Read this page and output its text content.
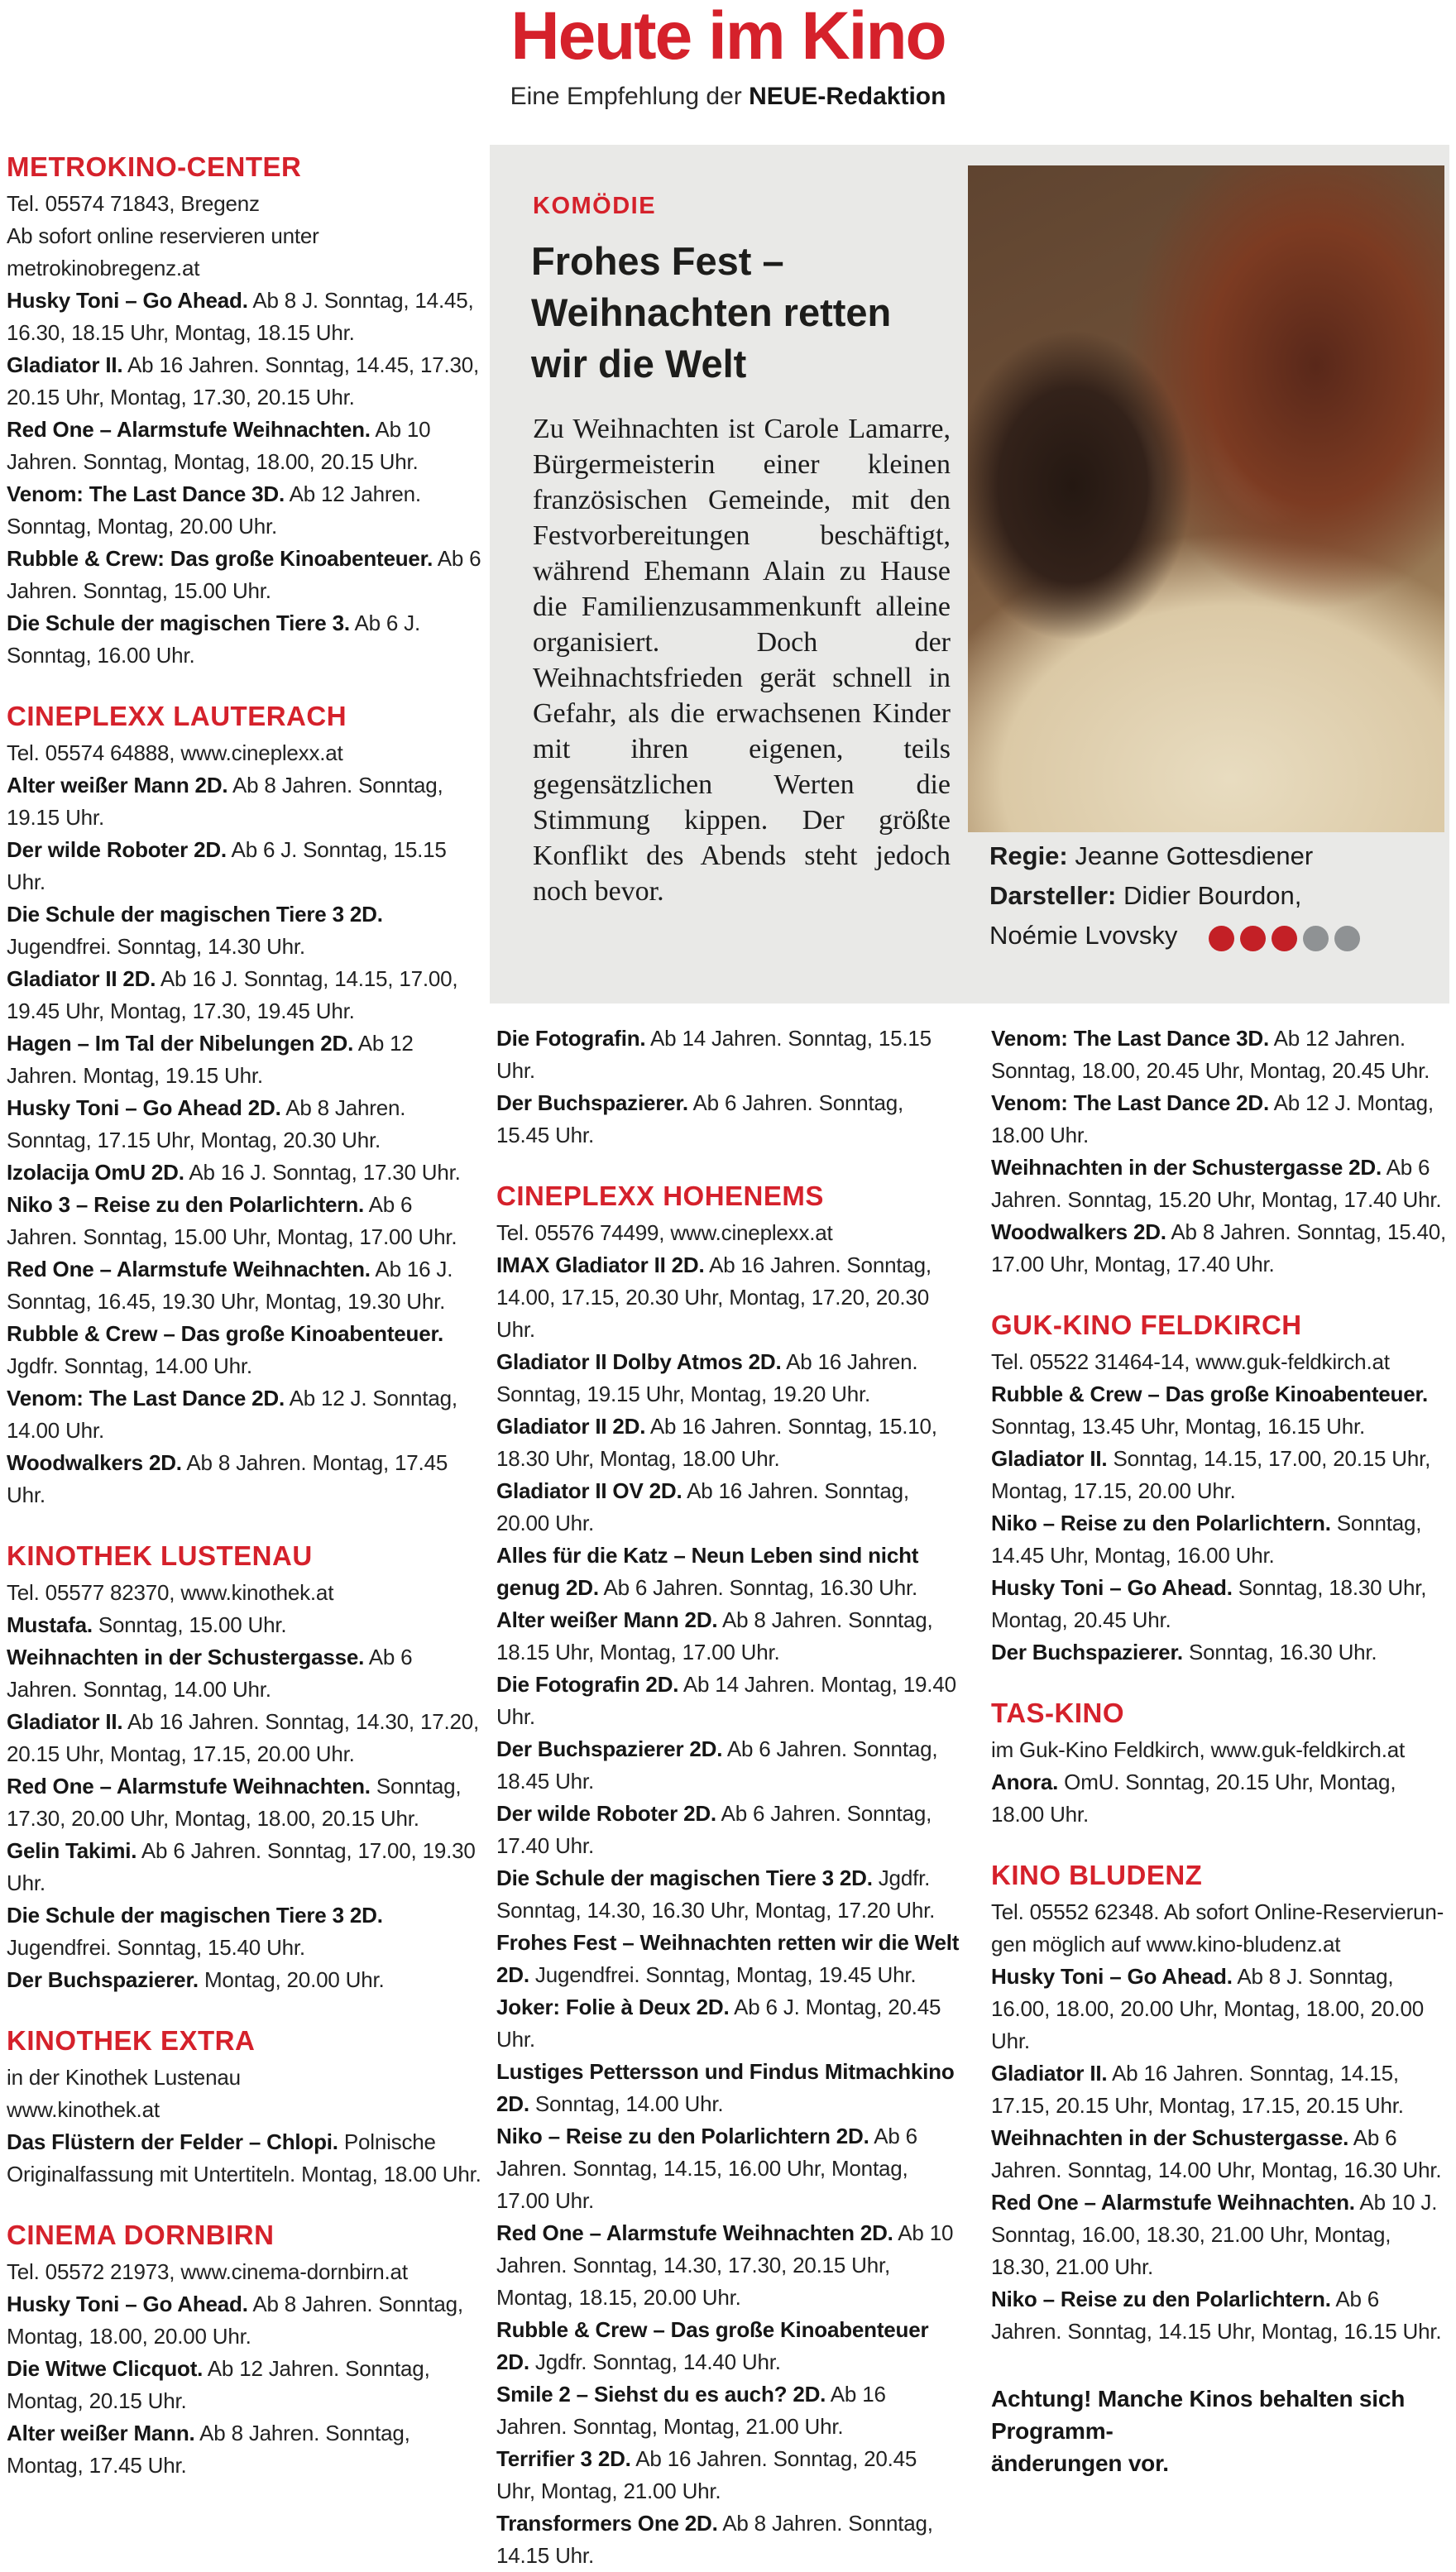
Heute im Kino

Eine Empfehlung der NEUE-Redaktion

METROKINO-CENTER
Tel. 05574 71843, Bregenz
Ab sofort online reservieren unter
metrokinobregenz.at

Husky Toni – Go Ahead. Ab 8 J. Sonntag, 14.45, 16.30, 18.15 Uhr, Montag, 18.15 Uhr.

Gladiator II. Ab 16 Jahren. Sonntag, 14.45, 17.30, 20.15 Uhr, Montag, 17.30, 20.15 Uhr.

Red One – Alarmstufe Weihnachten. Ab 10 Jahren. Sonntag, Montag, 18.00, 20.15 Uhr.

Venom: The Last Dance 3D. Ab 12 Jahren. Sonntag, Montag, 20.00 Uhr.

Rubble & Crew: Das große Kinoabenteuer. Ab 6 Jahren. Sonntag, 15.00 Uhr.

Die Schule der magischen Tiere 3. Ab 6 J. Sonntag, 16.00 Uhr.

CINEPLEXX LAUTERACH
Tel. 05574 64888, www.cineplexx.at

Alter weißer Mann 2D. Ab 8 Jahren. Sonntag, 19.15 Uhr.

Der wilde Roboter 2D. Ab 6 J. Sonntag, 15.15 Uhr.

Die Schule der magischen Tiere 3 2D. Jugendfrei. Sonntag, 14.30 Uhr.

Gladiator II 2D. Ab 16 J. Sonntag, 14.15, 17.00, 19.45 Uhr, Montag, 17.30, 19.45 Uhr.

Hagen – Im Tal der Nibelungen 2D. Ab 12 Jahren. Montag, 19.15 Uhr.

Husky Toni – Go Ahead 2D. Ab 8 Jahren. Sonntag, 17.15 Uhr, Montag, 20.30 Uhr.

Izolacija OmU 2D. Ab 16 J. Sonntag, 17.30 Uhr.

Niko 3 – Reise zu den Polarlichtern. Ab 6 Jahren. Sonntag, 15.00 Uhr, Montag, 17.00 Uhr.

Red One – Alarmstufe Weihnachten. Ab 16 J. Sonntag, 16.45, 19.30 Uhr, Montag, 19.30 Uhr.

Rubble & Crew – Das große Kinoabenteuer. Jgdfr. Sonntag, 14.00 Uhr.

Venom: The Last Dance 2D. Ab 12 J. Sonntag, 14.00 Uhr.

Woodwalkers 2D. Ab 8 Jahren. Montag, 17.45 Uhr.

KINOTHEK LUSTENAU
Tel. 05577 82370, www.kinothek.at

Mustafa. Sonntag, 15.00 Uhr.

Weihnachten in der Schustergasse. Ab 6 Jahren. Sonntag, 14.00 Uhr.

Gladiator II. Ab 16 Jahren. Sonntag, 14.30, 17.20, 20.15 Uhr, Montag, 17.15, 20.00 Uhr.

Red One – Alarmstufe Weihnachten. Sonntag, 17.30, 20.00 Uhr, Montag, 18.00, 20.15 Uhr.

Gelin Takimi. Ab 6 Jahren. Sonntag, 17.00, 19.30 Uhr.

Die Schule der magischen Tiere 3 2D. Jugendfrei. Sonntag, 15.40 Uhr.

Der Buchspazierer. Montag, 20.00 Uhr.

KINOTHEK EXTRA
in der Kinothek Lustenau
www.kinothek.at

Das Flüstern der Felder – Chlopi. Polnische Originalfassung mit Untertiteln. Montag, 18.00 Uhr.

CINEMA DORNBIRN
Tel. 05572 21973, www.cinema-dornbirn.at

Husky Toni – Go Ahead. Ab 8 Jahren. Sonntag, Montag, 18.00, 20.00 Uhr.

Die Witwe Clicquot. Ab 12 Jahren. Sonntag, Montag, 20.15 Uhr.

Alter weißer Mann. Ab 8 Jahren. Sonntag, Montag, 17.45 Uhr.

KOMÖDIE
Frohes Fest –
Weihnachten retten
wir die Welt

Zu Weihnachten ist Carole Lamarre, Bürgermeisterin einer kleinen französischen Gemeinde, mit den Festvorbereitungen beschäftigt, während Ehemann Alain zu Hause die Familienzusammenkunft alleine organisiert. Doch der Weihnachtsfrieden gerät schnell in Gefahr, als die erwachsenen Kinder mit ihren eigenen, teils gegensätzlichen Werten die Stimmung kippen. Der größte Konflikt des Abends steht jedoch noch bevor.

Regie: Jeanne Gottesdiener
Darsteller: Didier Bourdon, Noémie Lvovsky

Die Fotografin. Ab 14 Jahren. Sonntag, 15.15 Uhr.

Der Buchspazierer. Ab 6 Jahren. Sonntag, 15.45 Uhr.

CINEPLEXX HOHENEMS
Tel. 05576 74499, www.cineplexx.at

IMAX Gladiator II 2D. Ab 16 Jahren. Sonntag, 14.00, 17.15, 20.30 Uhr, Montag, 17.20, 20.30 Uhr.

Gladiator II Dolby Atmos 2D. Ab 16 Jahren. Sonntag, 19.15 Uhr, Montag, 19.20 Uhr.

Gladiator II 2D. Ab 16 Jahren. Sonntag, 15.10, 18.30 Uhr, Montag, 18.00 Uhr.

Gladiator II OV 2D. Ab 16 Jahren. Sonntag, 20.00 Uhr.

Alles für die Katz – Neun Leben sind nicht genug 2D. Ab 6 Jahren. Sonntag, 16.30 Uhr.

Alter weißer Mann 2D. Ab 8 Jahren. Sonntag, 18.15 Uhr, Montag, 17.00 Uhr.

Die Fotografin 2D. Ab 14 Jahren. Montag, 19.40 Uhr.

Der Buchspazierer 2D. Ab 6 Jahren. Sonntag, 18.45 Uhr.

Der wilde Roboter 2D. Ab 6 Jahren. Sonntag, 17.40 Uhr.

Die Schule der magischen Tiere 3 2D. Jgdfr. Sonntag, 14.30, 16.30 Uhr, Montag, 17.20 Uhr.

Frohes Fest – Weihnachten retten wir die Welt 2D. Jugendfrei. Sonntag, Montag, 19.45 Uhr.

Joker: Folie à Deux 2D. Ab 6 J. Montag, 20.45 Uhr.

Lustiges Pettersson und Findus Mitmachkino 2D. Sonntag, 14.00 Uhr.

Niko – Reise zu den Polarlichtern 2D. Ab 6 Jahren. Sonntag, 14.15, 16.00 Uhr, Montag, 17.00 Uhr.

Red One – Alarmstufe Weihnachten 2D. Ab 10 Jahren. Sonntag, 14.30, 17.30, 20.15 Uhr, Montag, 18.15, 20.00 Uhr.

Rubble & Crew – Das große Kinoabenteuer 2D. Jgdfr. Sonntag, 14.40 Uhr.

Smile 2 – Siehst du es auch? 2D. Ab 16 Jahren. Sonntag, Montag, 21.00 Uhr.

Terrifier 3 2D. Ab 16 Jahren. Sonntag, 20.45 Uhr, Montag, 21.00 Uhr.

Transformers One 2D. Ab 8 Jahren. Sonntag, 14.15 Uhr.

Venom: The Last Dance 3D. Ab 12 Jahren. Sonntag, 18.00, 20.45 Uhr, Montag, 20.45 Uhr.

Venom: The Last Dance 2D. Ab 12 J. Montag, 18.00 Uhr.

Weihnachten in der Schustergasse 2D. Ab 6 Jahren. Sonntag, 15.20 Uhr, Montag, 17.40 Uhr.

Woodwalkers 2D. Ab 8 Jahren. Sonntag, 15.40, 17.00 Uhr, Montag, 17.40 Uhr.

GUK-KINO FELDKIRCH
Tel. 05522 31464-14, www.guk-feldkirch.at

Rubble & Crew – Das große Kinoabenteuer. Sonntag, 13.45 Uhr, Montag, 16.15 Uhr.

Gladiator II. Sonntag, 14.15, 17.00, 20.15 Uhr, Montag, 17.15, 20.00 Uhr.

Niko – Reise zu den Polarlichtern. Sonntag, 14.45 Uhr, Montag, 16.00 Uhr.

Husky Toni – Go Ahead. Sonntag, 18.30 Uhr, Montag, 20.45 Uhr.

Der Buchspazierer. Sonntag, 16.30 Uhr.

TAS-KINO
im Guk-Kino Feldkirch, www.guk-feldkirch.at

Anora. OmU. Sonntag, 20.15 Uhr, Montag, 18.00 Uhr.

KINO BLUDENZ
Tel. 05552 62348. Ab sofort Online-Reservierun-
gen möglich auf www.kino-bludenz.at

Husky Toni – Go Ahead. Ab 8 J. Sonntag, 16.00, 18.00, 20.00 Uhr, Montag, 18.00, 20.00 Uhr.

Gladiator II. Ab 16 Jahren. Sonntag, 14.15, 17.15, 20.15 Uhr, Montag, 17.15, 20.15 Uhr.

Weihnachten in der Schustergasse. Ab 6 Jahren. Sonntag, 14.00 Uhr, Montag, 16.30 Uhr.

Red One – Alarmstufe Weihnachten. Ab 10 J. Sonntag, 16.00, 18.30, 21.00 Uhr, Montag, 18.30, 21.00 Uhr.

Niko – Reise zu den Polarlichtern. Ab 6 Jahren. Sonntag, 14.15 Uhr, Montag, 16.15 Uhr.

Achtung! Manche Kinos behalten sich Programm-
änderungen vor.
